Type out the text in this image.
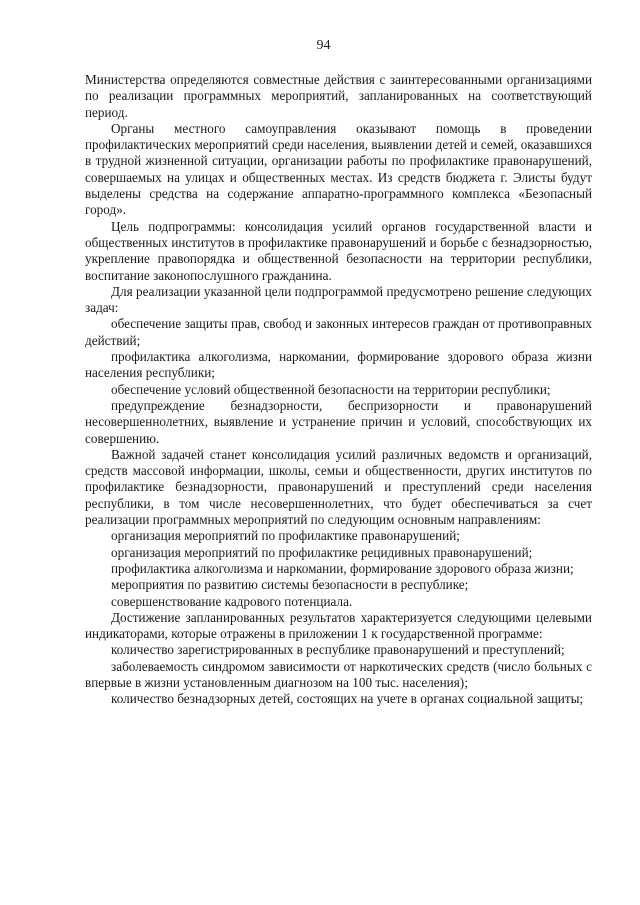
94

Министерства определяются совместные действия с заинтересованными организациями по реализации программных мероприятий, запланированных на соответствующий период.

Органы местного самоуправления оказывают помощь в проведении профилактических мероприятий среди населения, выявлении детей и семей, оказавшихся в трудной жизненной ситуации, организации работы по профилактике правонарушений, совершаемых на улицах и общественных местах. Из средств бюджета г. Элисты будут выделены средства на содержание аппаратно-программного комплекса «Безопасный город».

Цель подпрограммы: консолидация усилий органов государственной власти и общественных институтов в профилактике правонарушений и борьбе с безнадзорностью, укрепление правопорядка и общественной безопасности на территории республики, воспитание законопослушного гражданина.

Для реализации указанной цели подпрограммой предусмотрено решение следующих задач:

обеспечение защиты прав, свобод и законных интересов граждан от противоправных действий;

профилактика алкоголизма, наркомании, формирование здорового образа жизни населения республики;

обеспечение условий общественной безопасности на территории республики;

предупреждение безнадзорности, беспризорности и правонарушений несовершеннолетних, выявление и устранение причин и условий, способствующих их совершению.

Важной задачей станет консолидация усилий различных ведомств и организаций, средств массовой информации, школы, семьи и общественности, других институтов по профилактике безнадзорности, правонарушений и преступлений среди населения республики, в том числе несовершеннолетних, что будет обеспечиваться за счет реализации программных мероприятий по следующим основным направлениям:

организация мероприятий по профилактике правонарушений;

организация мероприятий по профилактике рецидивных правонарушений;

профилактика алкоголизма и наркомании, формирование здорового образа жизни;

мероприятия по развитию системы безопасности в республике;

совершенствование кадрового потенциала.

Достижение запланированных результатов характеризуется следующими целевыми индикаторами, которые отражены в приложении 1 к государственной программе:

количество зарегистрированных в республике правонарушений и преступлений;

заболеваемость синдромом зависимости от наркотических средств (число больных с впервые в жизни установленным диагнозом на 100 тыс. населения);

количество безнадзорных детей, состоящих на учете в органах социальной защиты;
